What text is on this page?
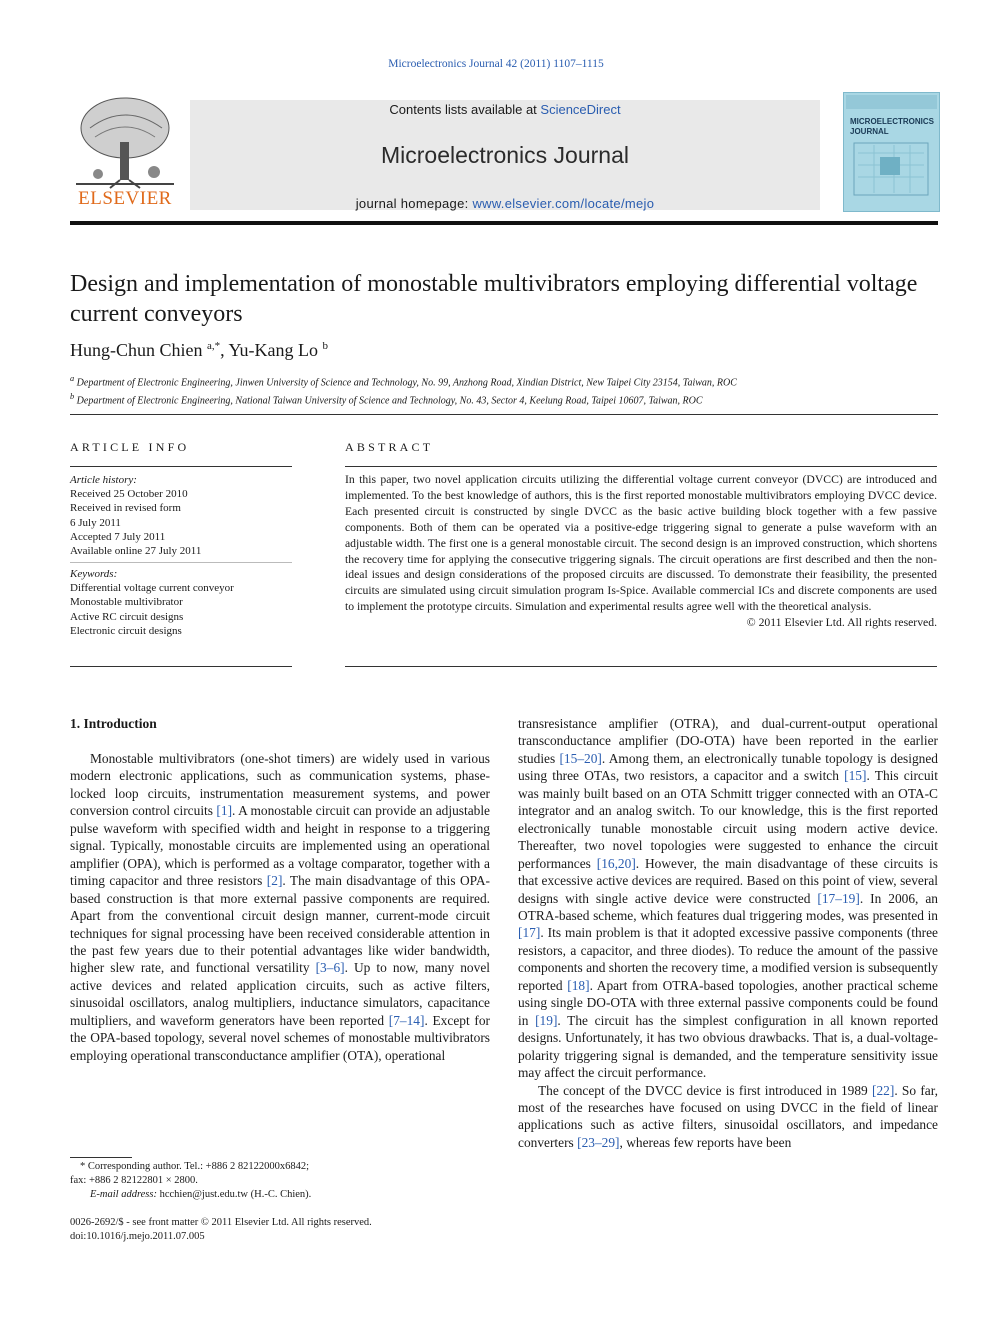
Microelectronics Journal 42 (2011) 1107–1115
ELSEVIER
Contents lists available at ScienceDirect
Microelectronics Journal
journal homepage: www.elsevier.com/locate/mejo
MICROELECTRONICS
JOURNAL
Design and implementation of monostable multivibrators employing differential voltage current conveyors
Hung-Chun Chien $^{a,*}$, Yu-Kang Lo $^b$
$^a$ Department of Electronic Engineering, Jinwen University of Science and Technology, No. 99, Anzhong Road, Xindian District, New Taipei City 23154, Taiwan, ROC
$^b$ Department of Electronic Engineering, National Taiwan University of Science and Technology, No. 43, Sector 4, Keelung Road, Taipei 10607, Taiwan, ROC
ARTICLE INFO
Article history:
Received 25 October 2010
Received in revised form
6 July 2011
Accepted 7 July 2011
Available online 27 July 2011
Keywords:
Differential voltage current conveyor
Monostable multivibrator
Active RC circuit designs
Electronic circuit designs
ABSTRACT
In this paper, two novel application circuits utilizing the differential voltage current conveyor (DVCC) are introduced and implemented. To the best knowledge of authors, this is the first reported monostable multivibrators employing DVCC device. Each presented circuit is constructed by single DVCC as the basic active building block together with a few passive components. Both of them can be operated via a positive-edge triggering signal to generate a pulse waveform with an adjustable width. The first one is a general monostable circuit. The second design is an improved construction, which shortens the recovery time for applying the consecutive triggering signals. The circuit operations are first described and then the non-ideal issues and design considerations of the proposed circuits are discussed. To demonstrate their feasibility, the presented circuits are simulated using circuit simulation program Is-Spice. Available commercial ICs and discrete components are used to implement the prototype circuits. Simulation and experimental results agree well with the theoretical analysis.
© 2011 Elsevier Ltd. All rights reserved.
1. Introduction

Monostable multivibrators (one-shot timers) are widely used in various modern electronic applications, such as communication systems, phase-locked loop circuits, instrumentation measurement systems, and power conversion control circuits [1]. A monostable circuit can provide an adjustable pulse waveform with specified width and height in response to a triggering signal. Typically, monostable circuits are implemented using an operational amplifier (OPA), which is performed as a voltage comparator, together with a timing capacitor and three resistors [2]. The main disadvantage of this OPA-based construction is that more external passive components are required. Apart from the conventional circuit design manner, current-mode circuit techniques for signal processing have been received considerable attention in the past few years due to their potential advantages like wider bandwidth, higher slew rate, and functional versatility [3–6]. Up to now, many novel active devices and related application circuits, such as active filters, sinusoidal oscillators, analog multipliers, inductance simulators, capacitance multipliers, and waveform generators have been reported [7–14]. Except for the OPA-based topology, several novel schemes of monostable multivibrators employing operational transconductance amplifier (OTA), operational

transresistance amplifier (OTRA), and dual-current-output operational transconductance amplifier (DO-OTA) have been reported in the earlier studies [15–20]. Among them, an electronically tunable topology is designed using three OTAs, two resistors, a capacitor and a switch [15]. This circuit was mainly built based on an OTA Schmitt trigger connected with an OTA-C integrator and an analog switch. To our knowledge, this is the first reported electronically tunable monostable circuit using modern active device. Thereafter, two novel topologies were suggested to enhance the circuit performances [16,20]. However, the main disadvantage of these circuits is that excessive active devices are required. Based on this point of view, several designs with single active device were constructed [17–19]. In 2006, an OTRA-based scheme, which features dual triggering modes, was presented in [17]. Its main problem is that it adopted excessive passive components (three resistors, a capacitor, and three diodes). To reduce the amount of the passive components and shorten the recovery time, a modified version is subsequently reported [18]. Apart from OTRA-based topologies, another practical scheme using single DO-OTA with three external passive components could be found in [19]. The circuit has the simplest configuration in all known reported designs. Unfortunately, it has two obvious drawbacks. That is, a dual-voltage-polarity triggering signal is demanded, and the temperature sensitivity issue may affect the circuit performance.

The concept of the DVCC device is first introduced in 1989 [22]. So far, most of the researches have focused on using DVCC in the field of linear applications such as active filters, sinusoidal oscillators, and impedance converters [23–29], whereas few reports have been

* Corresponding author. Tel.: +886 2 82122000x6842;
fax: +886 2 82122801 × 2800.
E-mail address: hcchien@just.edu.tw (H.-C. Chien).
0026-2692/$ - see front matter © 2011 Elsevier Ltd. All rights reserved.
doi:10.1016/j.mejo.2011.07.005
